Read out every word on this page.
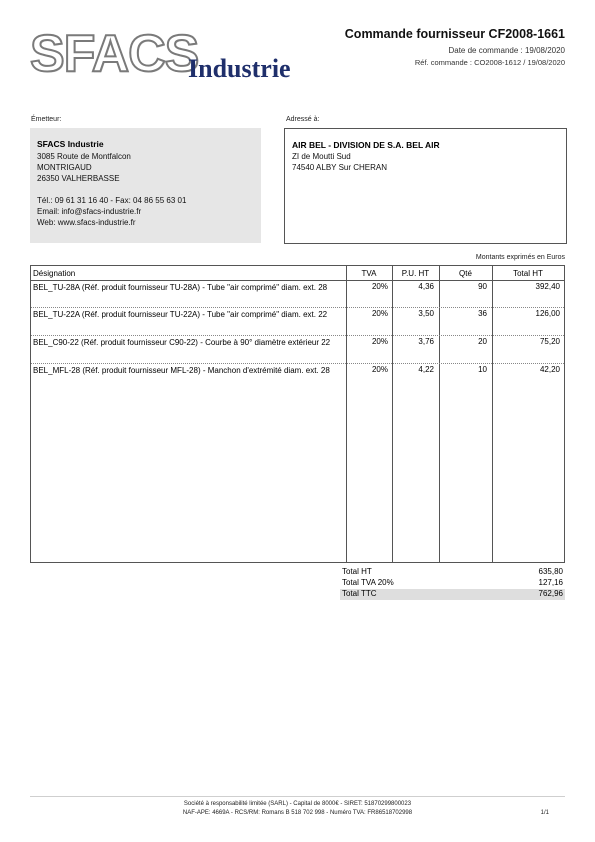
SFACS
Industrie
Commande fournisseur CF2008-1661
Date de commande : 19/08/2020
Réf. commande : CO2008-1612 / 19/08/2020
Émetteur:	Adressé à:
SFACS Industrie
3085 Route de Montfalcon
MONTRIGAUD
26350 VALHERBASSE
Tél.: 09 61 31 16 40 - Fax: 04 86 55 63 01
Email: info@sfacs-industrie.fr
Web: www.sfacs-industrie.fr
AIR BEL - DIVISION DE S.A. BEL AIR
ZI de Moutti Sud
74540 ALBY Sur CHERAN
Montants exprimés en Euros
Désignation	TVA	P.U. HT	Qté	Total HT
BEL_TU-28A (Réf. produit fournisseur TU-28A) - Tube "air comprimé" diam. ext. 28	20%	4,36	90	392,40
BEL_TU-22A (Réf. produit fournisseur TU-22A) - Tube "air comprimé" diam. ext. 22	20%	3,50	36	126,00
BEL_C90-22 (Réf. produit fournisseur C90-22) - Courbe à 90° diamètre extérieur 22	20%	3,76	20	75,20
BEL_MFL-28 (Réf. produit fournisseur MFL-28) - Manchon d'extrémité diam. ext. 28	20%	4,22	10	42,20
Total HT	635,80
Total TVA 20%	127,16
Total TTC	762,96
Société à responsabilité limitée (SARL) - Capital de 8000€ - SIRET: 51870299800023
NAF-APE: 4669A - RCS/RM: Romans B 518 702 998 - Numéro TVA: FR86518702998	1/1
